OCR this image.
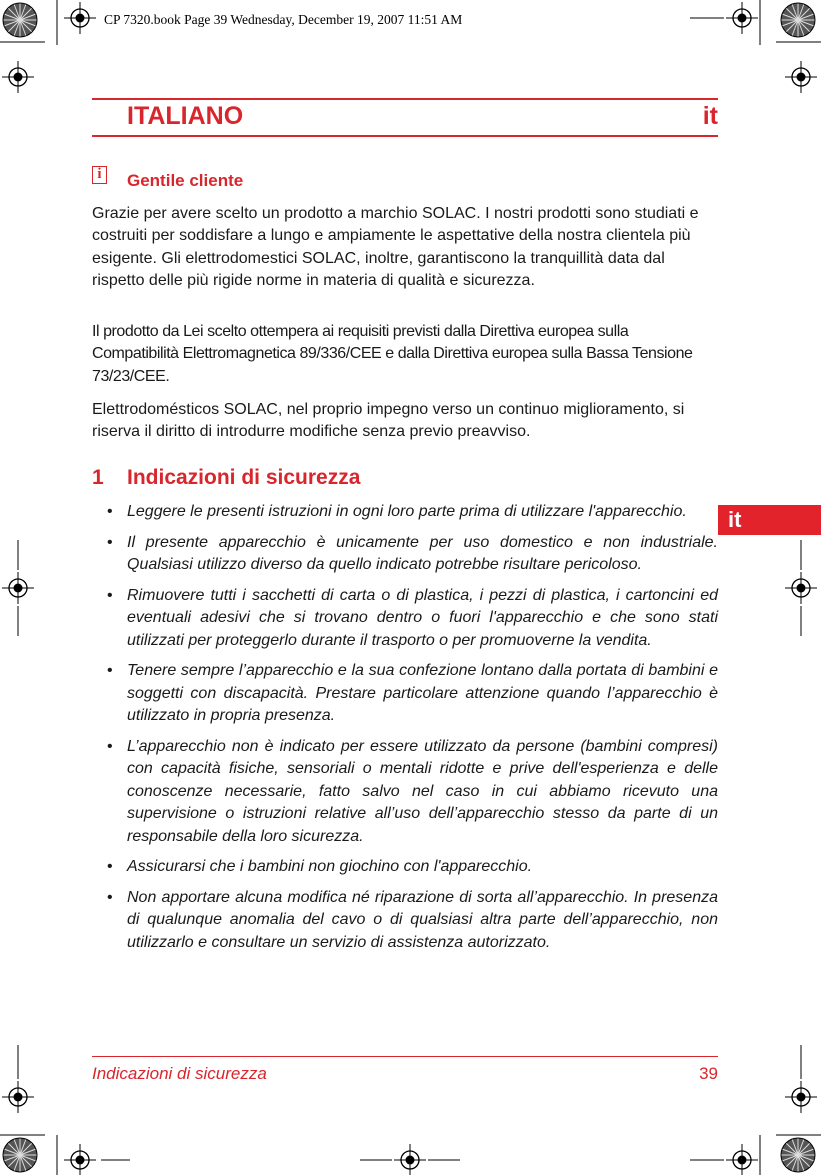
CP 7320.book Page 39 Wednesday, December 19, 2007 11:51 AM
ITALIANO	it
i	Gentile cliente

Grazie per avere scelto un prodotto a marchio SOLAC. I nostri prodotti sono studiati e costruiti per soddisfare a lungo e ampiamente le aspettative della nostra clientela più esigente. Gli elettrodomestici SOLAC, inoltre, garantiscono la tranquillità data dal rispetto delle più rigide norme in materia di qualità e sicurezza.

Il prodotto da Lei scelto ottempera ai requisiti previsti dalla Direttiva europea sulla Compatibilità Elettromagnetica 89/336/CEE e dalla Direttiva europea sulla Bassa Tensione 73/23/CEE.

Elettrodomésticos SOLAC, nel proprio impegno verso un continuo miglioramento, si riserva il diritto di introdurre modifiche senza previo preavviso.

1 Indicazioni di sicurezza
• Leggere le presenti istruzioni in ogni loro parte prima di utilizzare l'apparecchio.
• Il presente apparecchio è unicamente per uso domestico e non industriale. Qualsiasi utilizzo diverso da quello indicato potrebbe risultare pericoloso.
• Rimuovere tutti i sacchetti di carta o di plastica, i pezzi di plastica, i cartoncini ed eventuali adesivi che si trovano dentro o fuori l'apparecchio e che sono stati utilizzati per proteggerlo durante il trasporto o per promuoverne la vendita.
• Tenere sempre l’apparecchio e la sua confezione lontano dalla portata di bambini e soggetti con discapacità. Prestare particolare attenzione quando l’apparecchio è utilizzato in propria presenza.
• L’apparecchio non è indicato per essere utilizzato da persone (bambini compresi) con capacità fisiche, sensoriali o mentali ridotte e prive dell'esperienza e delle conoscenze necessarie, fatto salvo nel caso in cui abbiamo ricevuto una supervisione o istruzioni relative all’uso dell’apparecchio stesso da parte di un responsabile della loro sicurezza.
• Assicurarsi che i bambini non giochino con l'apparecchio.
• Non apportare alcuna modifica né riparazione di sorta all’apparecchio. In presenza di qualunque anomalia del cavo o di qualsiasi altra parte dell’apparecchio, non utilizzarlo e consultare un servizio di assistenza autorizzato.
it
Indicazioni di sicurezza	39
